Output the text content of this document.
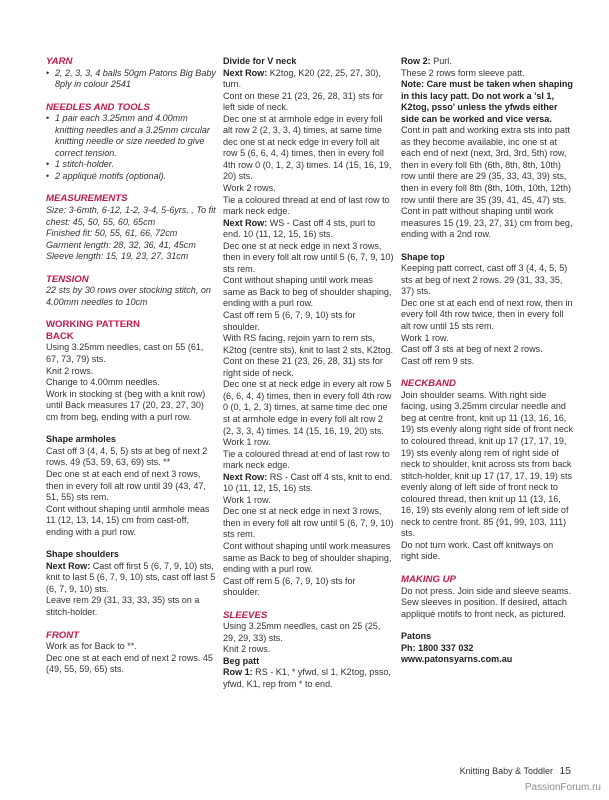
YARN
• 2, 2, 3, 3, 4 balls 50gm Patons Big Baby 8ply in colour 2541
NEEDLES AND TOOLS
• 1 pair each 3.25mm and 4.00mm knitting needles and a 3.25mm circular knitting needle or size needed to give correct tension.
• 1 stitch-holder.
• 2 appliqué motifs (optional).
MEASUREMENTS
Size: 3-6mth, 6-12, 1-2, 3-4, 5-6yrs, , To fit chest: 45, 50, 55, 60, 65cm
Finished fit: 50, 55, 61, 66, 72cm
Garment length: 28, 32, 36, 41, 45cm
Sleeve length: 15, 19, 23, 27, 31cm
TENSION
22 sts by 30 rows over stocking stitch, on 4.00mm needles to 10cm
WORKING PATTERN
BACK
Using 3.25mm needles, cast on 55 (61, 67, 73, 79) sts.
Knit 2 rows.
Change to 4.00mm needles.
Work in stocking st (beg with a knit row) until Back measures 17 (20, 23, 27, 30) cm from beg, ending with a purl row.
Shape armholes
Cast off 3 (4, 4, 5, 5) sts at beg of next 2 rows. 49 (53, 59, 63, 69) sts. **
Dec one st at each end of next 3 rows, then in every foll alt row until 39 (43, 47, 51, 55) sts rem.
Cont without shaping until armhole meas 11 (12, 13, 14, 15) cm from cast-off, ending with a purl row.
Shape shoulders
Next Row: Cast off first 5 (6, 7, 9, 10) sts, knit to last 5 (6, 7, 9, 10) sts, cast off last 5 (6, 7, 9, 10) sts.
Leave rem 29 (31, 33, 33, 35) sts on a stitch-holder.
FRONT
Work as for Back to **.
Dec one st at each end of next 2 rows. 45 (49, 55, 59, 65) sts.
Divide for V neck
Next Row: K2tog, K20 (22, 25, 27, 30), turn.
Cont on these 21 (23, 26, 28, 31) sts for left side of neck.
Dec one st at armhole edge in every foll alt row 2 (2, 3, 3, 4) times, at same time dec one st at neck edge in every foll alt row 5 (6, 6, 4, 4) times, then in every foll 4th row 0 (0, 1, 2, 3) times. 14 (15, 16, 19, 20) sts.
Work 2 rows.
Tie a coloured thread at end of last row to mark neck edge.
Next Row: WS - Cast off 4 sts, purl to end. 10 (11, 12, 15, 16) sts.
Dec one st at neck edge in next 3 rows, then in every foll alt row until 5 (6, 7, 9, 10) sts rem.
Cont without shaping until work meas same as Back to beg of shoulder shaping, ending with a purl row.
Cast off rem 5 (6, 7, 9, 10) sts for shoulder.
With RS facing, rejoin yarn to rem sts, K2tog (centre sts), knit to last 2 sts, K2tog.
Cont on these 21 (23, 26, 28, 31) sts for right side of neck.
Dec one st at neck edge in every alt row 5 (6, 6, 4, 4) times, then in every foll 4th row 0 (0, 1, 2, 3) times, at same time dec one st at armhole edge in every foll alt row 2 (2, 3, 3, 4) times. 14 (15, 16, 19, 20) sts.
Work 1 row.
Tie a coloured thread at end of last row to mark neck edge.
Next Row: RS - Cast off 4 sts, knit to end. 10 (11, 12, 15, 16) sts.
Work 1 row.
Dec one st at neck edge in next 3 rows, then in every foll alt row until 5 (6, 7, 9, 10) sts rem.
Cont without shaping until work measures same as Back to beg of shoulder shaping, ending with a purl row.
Cast off rem 5 (6, 7, 9, 10) sts for shoulder.
SLEEVES
Using 3.25mm needles, cast on 25 (25, 29, 29, 33) sts.
Knit 2 rows.
Beg patt
Row 1: RS - K1, * yfwd, sl 1, K2tog, psso, yfwd, K1, rep from * to end.
Row 2: Purl.
These 2 rows form sleeve patt.
Note: Care must be taken when shaping in this lacy patt. Do not work a 'sl 1, K2tog, psso' unless the yfwds either side can be worked and vice versa.
Cont in patt and working extra sts into patt as they become available, inc one st at each end of next (next, 3rd, 3rd, 5th) row, then in every foll 6th (6th, 8th, 8th, 10th) row until there are 29 (35, 33, 43, 39) sts, then in every foll 8th (8th, 10th, 10th, 12th) row until there are 35 (39, 41, 45, 47) sts.
Cont in patt without shaping until work measures 15 (19, 23, 27, 31) cm from beg, ending with a 2nd row.
Shape top
Keeping patt correct, cast off 3 (4, 4, 5, 5) sts at beg of next 2 rows. 29 (31, 33, 35, 37) sts.
Dec one st at each end of next row, then in every foll 4th row twice, then in every foll alt row until 15 sts rem.
Work 1 row.
Cast off 3 sts at beg of next 2 rows.
Cast off rem 9 sts.
NECKBAND
Join shoulder seams. With right side facing, using 3.25mm circular needle and beg at centre front, knit up 11 (13, 16, 16, 19) sts evenly along right side of front neck to coloured thread, knit up 17 (17, 17, 19, 19) sts evenly along rem of right side of neck to shoulder, knit across sts from back stitch-holder, knit up 17 (17, 17, 19, 19) sts evenly along of left side of front neck to coloured thread, then knit up 11 (13, 16, 16, 19) sts evenly along rem of left side of neck to centre front. 85 (91, 99, 103, 111) sts.
Do not turn work. Cast off knitways on right side.
MAKING UP
Do not press. Join side and sleeve seams. Sew sleeves in position. If desired, attach appliqué motifs to front neck, as pictured.
Patons
Ph: 1800 337 032
www.patonsyarns.com.au
Knitting Baby & Toddler 15
PassionForum.ru
